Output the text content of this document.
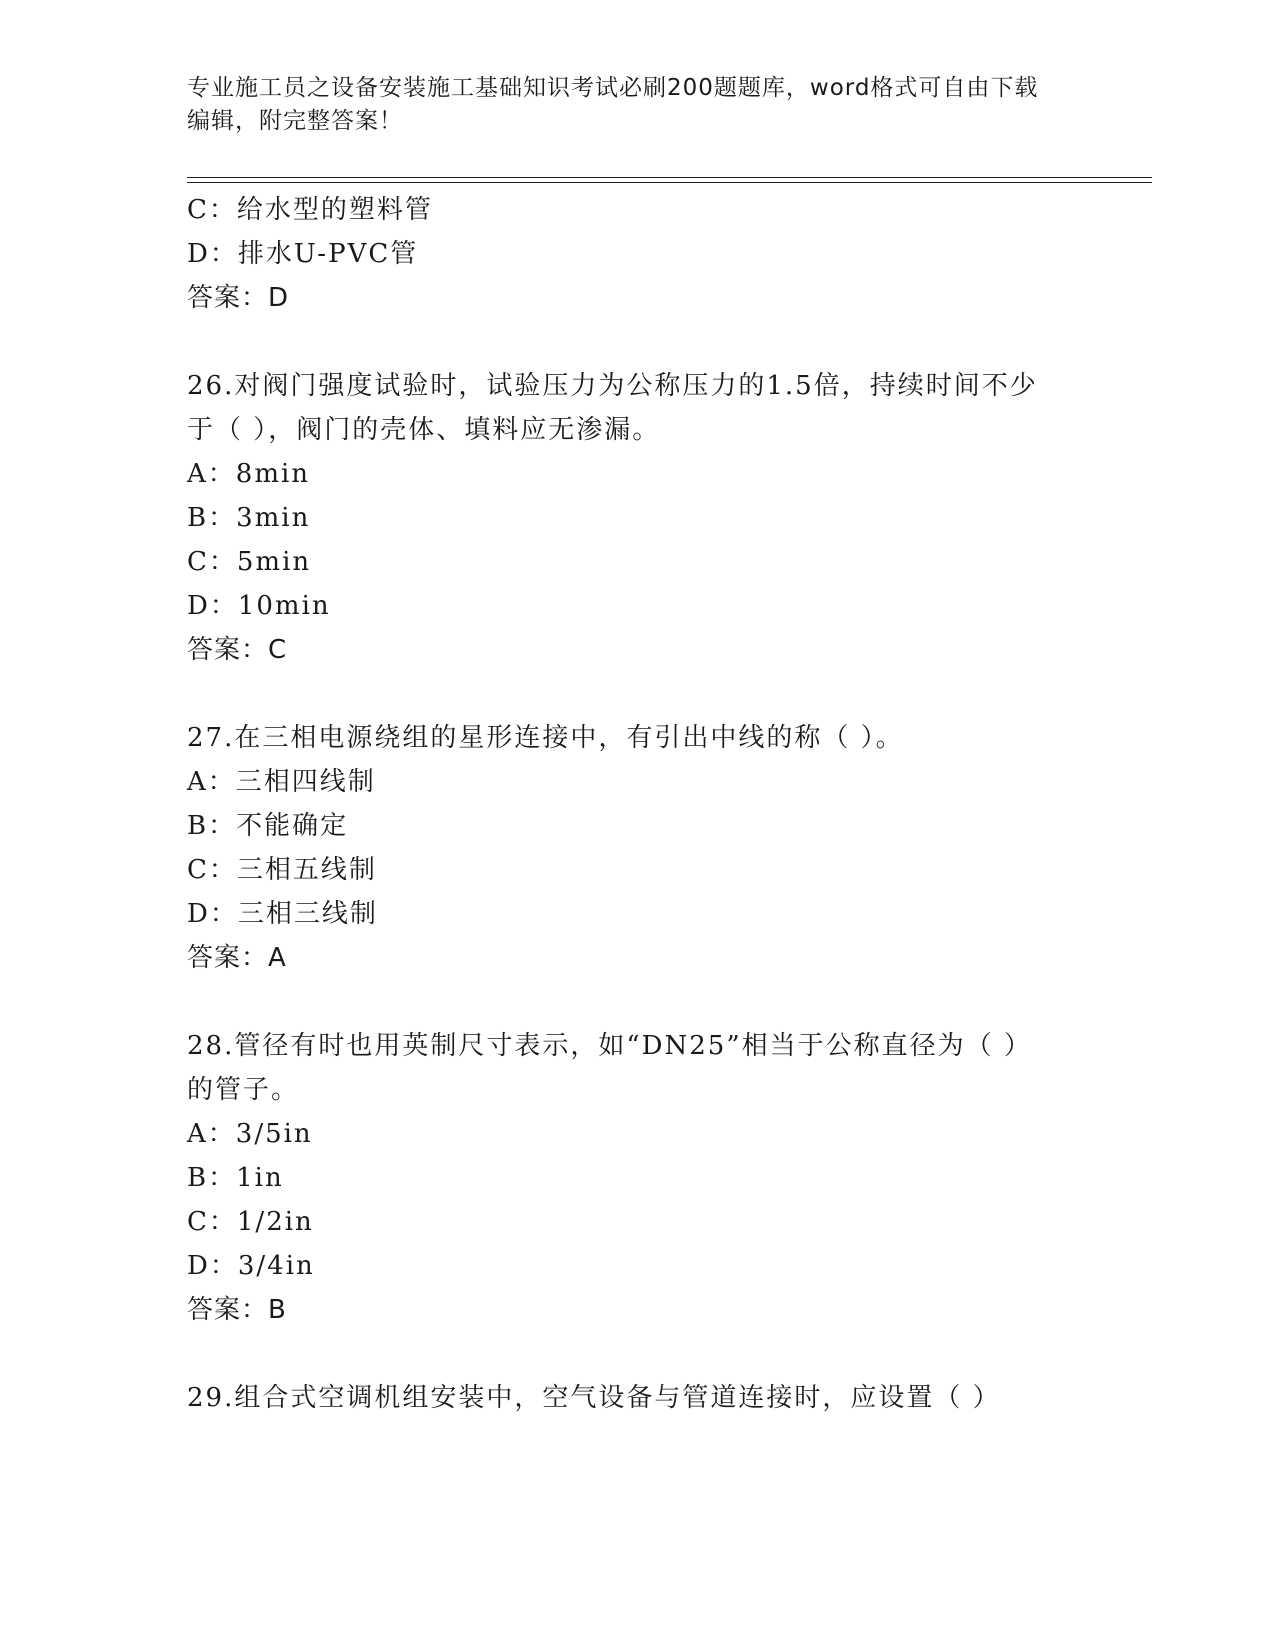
专业施工员之设备安装施工基础知识考试必刷200题题库，word格式可自由下载
编辑，附完整答案！
C：给水型的塑料管
D：排水U-PVC管
答案：D
26.对阀门强度试验时，试验压力为公称压力的1.5倍，持续时间不少
于（ ），阀门的壳体、填料应无渗漏。
A：8min
B：3min
C：5min
D：10min
答案：C
27.在三相电源绕组的星形连接中，有引出中线的称（ ）。
A：三相四线制
B：不能确定
C：三相五线制
D：三相三线制
答案：A
28.管径有时也用英制尺寸表示，如“DN25”相当于公称直径为（ ）
的管子。
A：3/5in
B：1in
C：1/2in
D：3/4in
答案：B
29.组合式空调机组安装中，空气设备与管道连接时，应设置（ ）
